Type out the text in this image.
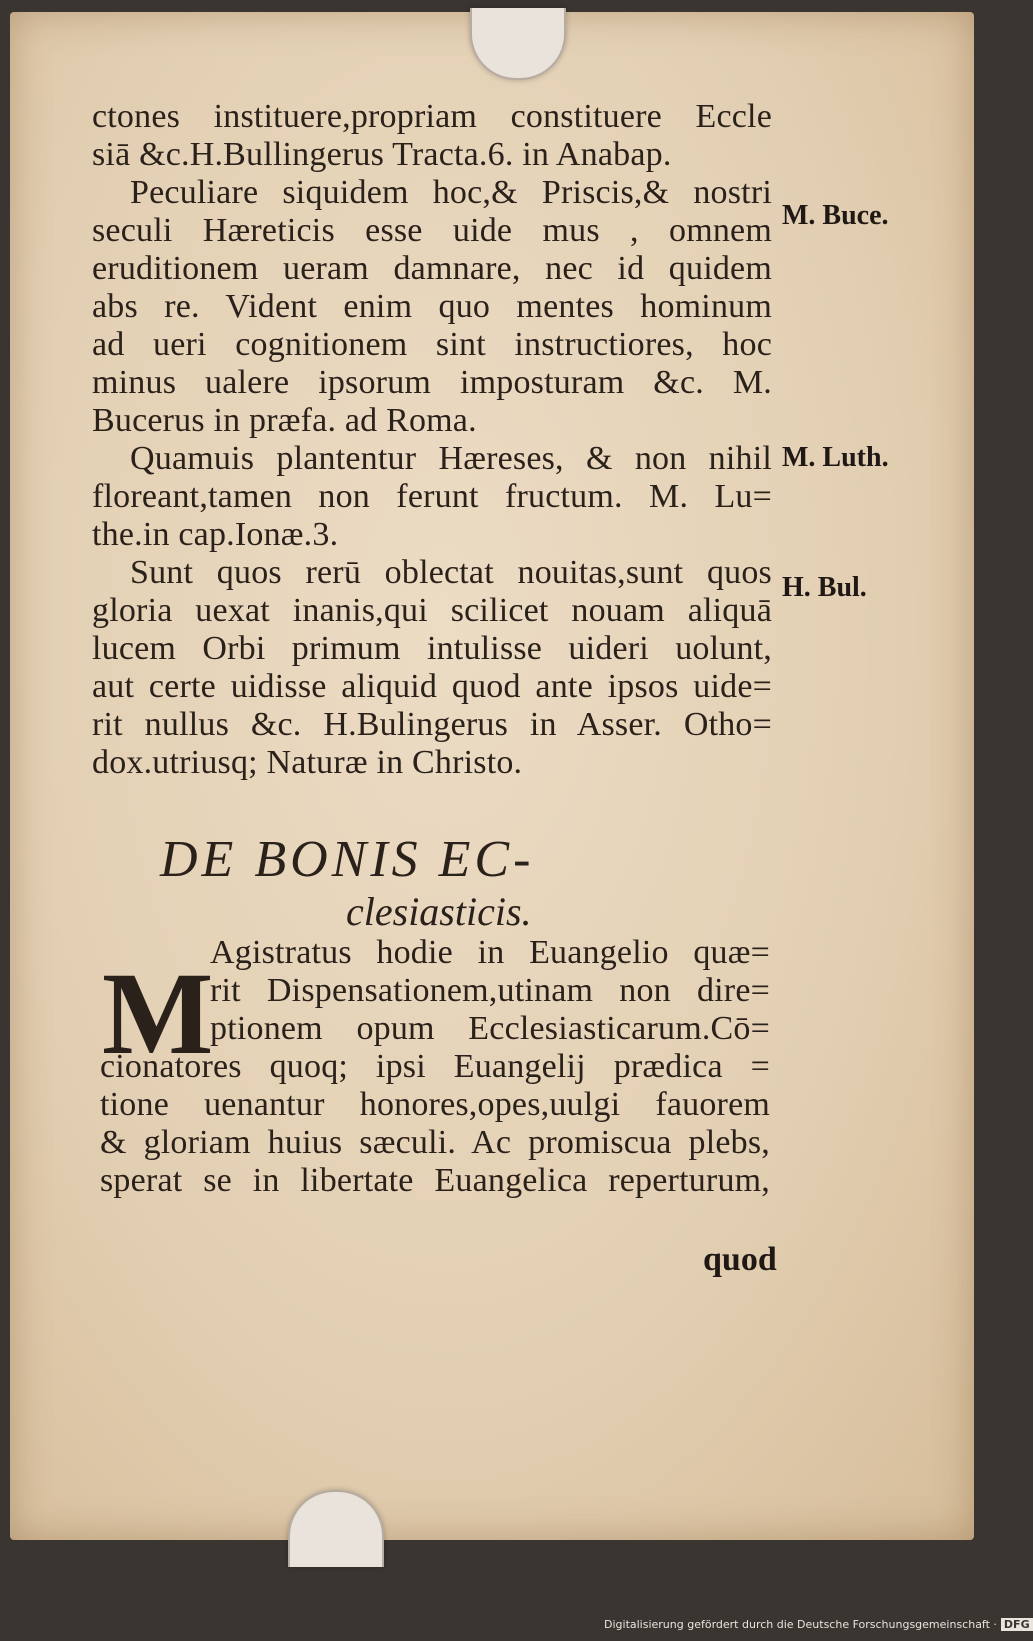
ctones instituere,propriam constituere Eccle
siā &c.H.Bullingerus Tracta.6. in Anabap.
Peculiare siquidem hoc,& Priscis,& nostri
seculi Hæreticis esse uide mus , omnem
eruditionem ueram damnare, nec id quidem
abs re. Vident enim quo mentes hominum
ad ueri cognitionem sint instructiores, hoc
minus ualere ipsorum imposturam &c. M.
Bucerus in præfa. ad Roma.
M. Buce.
Quamuis plantentur Hæreses, & non nihil
floreant,tamen non ferunt fructum. M. Lu=
the.in cap.Ionæ.3.
M. Luth.
Sunt quos rerū oblectat nouitas,sunt quos
gloria uexat inanis,qui scilicet nouam aliquā
lucem Orbi primum intulisse uideri uolunt,
aut certe uidisse aliquid quod ante ipsos uide=
rit nullus &c. H.Bulingerus in Asser. Otho=
dox.utriusq; Naturæ in Christo.
H. Bul.
DE BONIS EC-
clesiasticis.
M
Agistratus hodie in Euangelio quæ=
rit Dispensationem,utinam non dire=
ptionem opum Ecclesiasticarum.Cō=
cionatores quoq; ipsi Euangelij prædica =
tione uenantur honores,opes,uulgi fauorem
& gloriam huius sæculi. Ac promiscua plebs,
sperat se in libertate Euangelica reperturum,
quod
Digitalisierung gefördert durch die Deutsche Forschungsgemeinschaft · DFG
